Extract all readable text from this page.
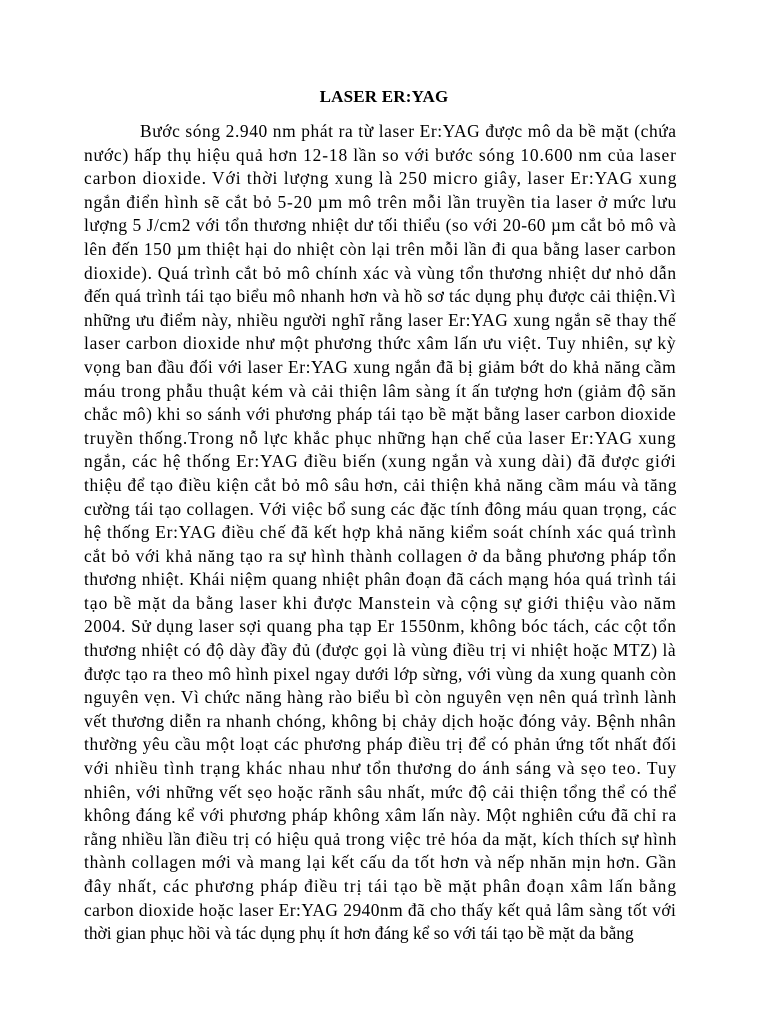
LASER ER:YAG
Bước sóng 2.940 nm phát ra từ laser Er:YAG được mô da bề mặt (chứa
nước) hấp thụ hiệu quả hơn 12-18 lần so với bước sóng 10.600 nm của laser
carbon dioxide. Với thời lượng xung là 250 micro giây, laser Er:YAG xung
ngắn điển hình sẽ cắt bỏ 5-20 µm mô trên mỗi lần truyền tia laser ở mức lưu
lượng 5 J/cm2 với tổn thương nhiệt dư tối thiểu (so với 20-60 µm cắt bỏ mô và
lên đến 150 µm thiệt hại do nhiệt còn lại trên mỗi lần đi qua bằng laser carbon
dioxide). Quá trình cắt bỏ mô chính xác và vùng tổn thương nhiệt dư nhỏ dẫn
đến quá trình tái tạo biểu mô nhanh hơn và hồ sơ tác dụng phụ được cải thiện.Vì
những ưu điểm này, nhiều người nghĩ rằng laser Er:YAG xung ngắn sẽ thay thế
laser carbon dioxide như một phương thức xâm lấn ưu việt. Tuy nhiên, sự kỳ
vọng ban đầu đối với laser Er:YAG xung ngắn đã bị giảm bớt do khả năng cầm
máu trong phẫu thuật kém và cải thiện lâm sàng ít ấn tượng hơn (giảm độ săn
chắc mô) khi so sánh với phương pháp tái tạo bề mặt bằng laser carbon dioxide
truyền thống.Trong nỗ lực khắc phục những hạn chế của laser Er:YAG xung
ngắn, các hệ thống Er:YAG điều biến (xung ngắn và xung dài) đã được giới
thiệu để tạo điều kiện cắt bỏ mô sâu hơn, cải thiện khả năng cầm máu và tăng
cường tái tạo collagen. Với việc bổ sung các đặc tính đông máu quan trọng, các
hệ thống Er:YAG điều chế đã kết hợp khả năng kiểm soát chính xác quá trình
cắt bỏ với khả năng tạo ra sự hình thành collagen ở da bằng phương pháp tổn
thương nhiệt. Khái niệm quang nhiệt phân đoạn đã cách mạng hóa quá trình tái
tạo bề mặt da bằng laser khi được Manstein và cộng sự giới thiệu vào năm
2004. Sử dụng laser sợi quang pha tạp Er 1550nm, không bóc tách, các cột tổn
thương nhiệt có độ dày đầy đủ (được gọi là vùng điều trị vi nhiệt hoặc MTZ) là
được tạo ra theo mô hình pixel ngay dưới lớp sừng, với vùng da xung quanh còn
nguyên vẹn. Vì chức năng hàng rào biểu bì còn nguyên vẹn nên quá trình lành
vết thương diễn ra nhanh chóng, không bị chảy dịch hoặc đóng vảy. Bệnh nhân
thường yêu cầu một loạt các phương pháp điều trị để có phản ứng tốt nhất đối
với nhiều tình trạng khác nhau như tổn thương do ánh sáng và sẹo teo. Tuy
nhiên, với những vết sẹo hoặc rãnh sâu nhất, mức độ cải thiện tổng thể có thể
không đáng kể với phương pháp không xâm lấn này. Một nghiên cứu đã chỉ ra
rằng nhiều lần điều trị có hiệu quả trong việc trẻ hóa da mặt, kích thích sự hình
thành collagen mới và mang lại kết cấu da tốt hơn và nếp nhăn mịn hơn. Gần
đây nhất, các phương pháp điều trị tái tạo bề mặt phân đoạn xâm lấn bằng
carbon dioxide hoặc laser Er:YAG 2940nm đã cho thấy kết quả lâm sàng tốt với
thời gian phục hồi và tác dụng phụ ít hơn đáng kể so với tái tạo bề mặt da bằng
